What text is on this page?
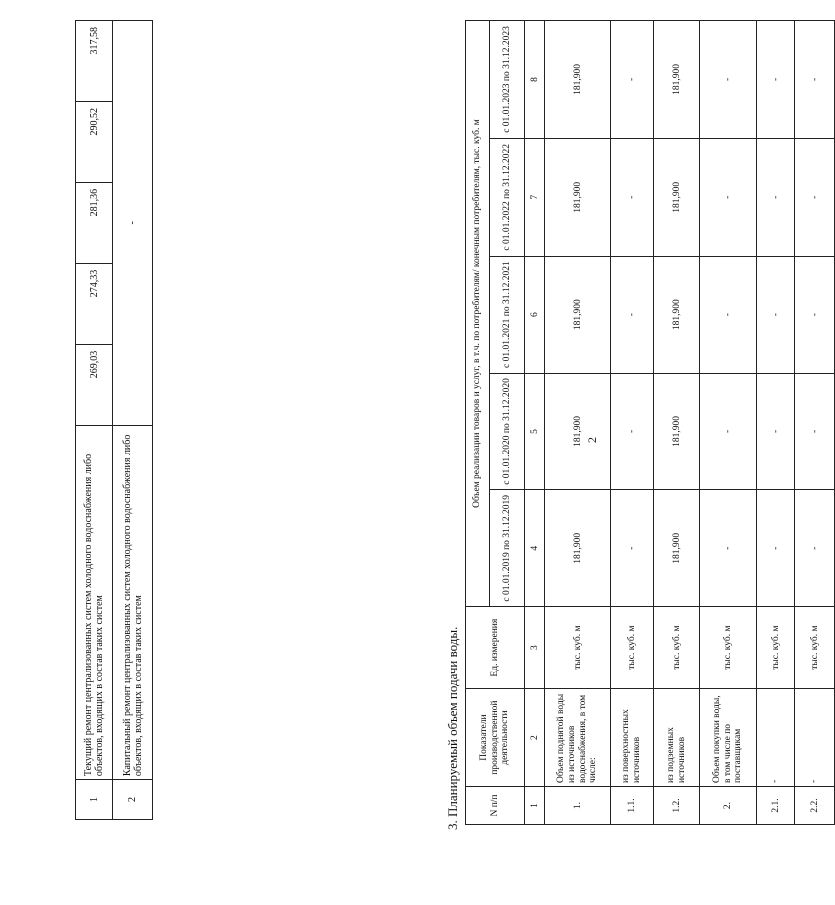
2
1	Текущий ремонт централизованных систем холодного водоснабжения либо объектов, входящих в состав таких систем	269,03	274,33	281,36	290,52	317,58
2	Капитальный ремонт централизованных систем холодного водоснабжения либо объектов, входящих в состав таких систем	-				
3. Планируемый объем подачи воды.	N п/п	Показатели производственной деятельности	Ед. измерения	Объем реализации товаров и услуг, в т.ч. по потребителям/ конечным потребителям, тыс. куб. м				
			с 01.01.2019 по 31.12.2019	с 01.01.2020 по 31.12.2020	с 01.01.2021 по 31.12.2021	с 01.01.2022 по 31.12.2022	с 01.01.2023 по 31.12.2023
1	2	3	4	5	6	7	8
1.	Объем поднятой воды из источников водоснабжения, в том числе:	тыс. куб. м	181,900	181,900	181,900	181,900	181,900
1.1.	из поверхностных источников	тыс. куб. м	-	-	-	-	-
1.2.	из подземных источников	тыс. куб. м	181,900	181,900	181,900	181,900	181,900
2.	Объем покупки воды, в том числе по поставщикам	тыс. куб. м	-	-	-	-	-
2.1.	-	тыс. куб. м	-	-	-	-	-
2.2.	-	тыс. куб. м	-	-	-	-	-
